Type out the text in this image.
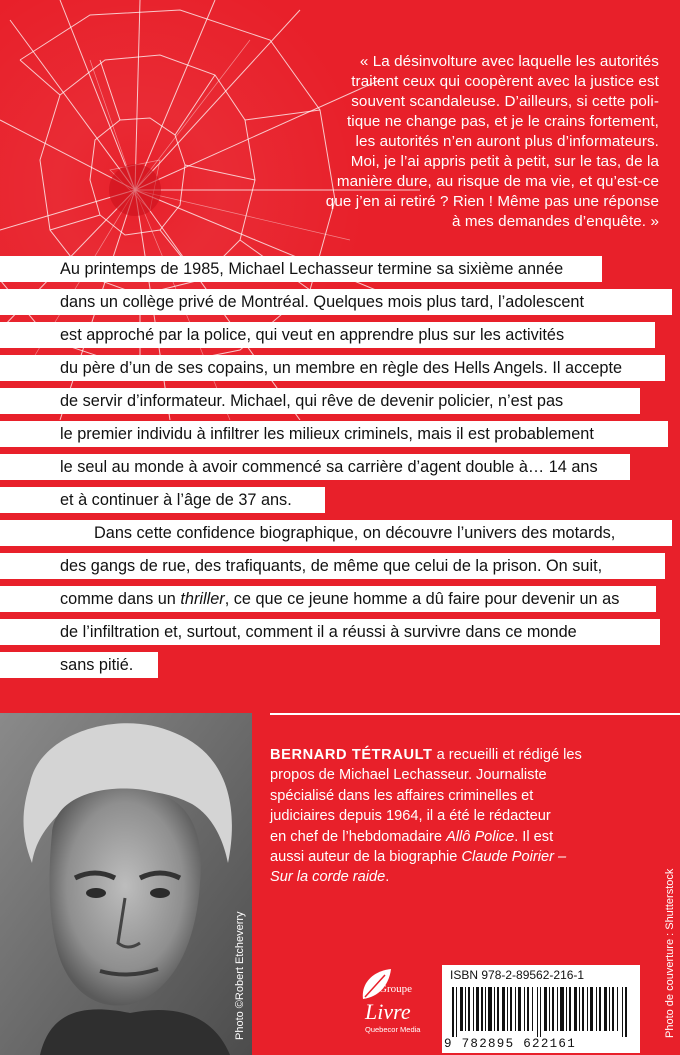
« La désinvolture avec laquelle les autorités
traitent ceux qui coopèrent avec la justice est
souvent scandaleuse. D’ailleurs, si cette poli-
tique ne change pas, et je le crains fortement,
les autorités n’en auront plus d’informateurs.
Moi, je l’ai appris petit à petit, sur le tas, de la
manière dure, au risque de ma vie, et qu’est-ce
que j’en ai retiré ? Rien ! Même pas une réponse
à mes demandes d’enquête. »
Au printemps de 1985, Michael Lechasseur termine sa sixième année
dans un collège privé de Montréal. Quelques mois plus tard, l’adolescent
est approché par la police, qui veut en apprendre plus sur les activités
du père d’un de ses copains, un membre en règle des Hells Angels. Il accepte
de servir d’informateur. Michael, qui rêve de devenir policier, n’est pas
le premier individu à infiltrer les milieux criminels, mais il est probablement
le seul au monde à avoir commencé sa carrière d’agent double à… 14 ans
et à continuer à l’âge de 37 ans.
Dans cette confidence biographique, on découvre l’univers des motards,
des gangs de rue, des trafiquants, de même que celui de la prison. On suit,
comme dans un thriller, ce que ce jeune homme a dû faire pour devenir un as
de l’infiltration et, surtout, comment il a réussi à survivre dans ce monde
sans pitié.
Photo ©Robert Etcheverry
BERNARD TÉTRAULT a recueilli et rédigé les
propos de Michael Lechasseur. Journaliste
spécialisé dans les affaires criminelles et
judiciaires depuis 1964, il a été le rédacteur
en chef de l’hebdomadaire Allô Police. Il est
aussi auteur de la biographie Claude Poirier –
Sur la corde raide.	Photo de couverture : Shutterstock
Groupe
Livre
Quebecor Media
ISBN 978-2-89562-216-1
9 782895 622161
